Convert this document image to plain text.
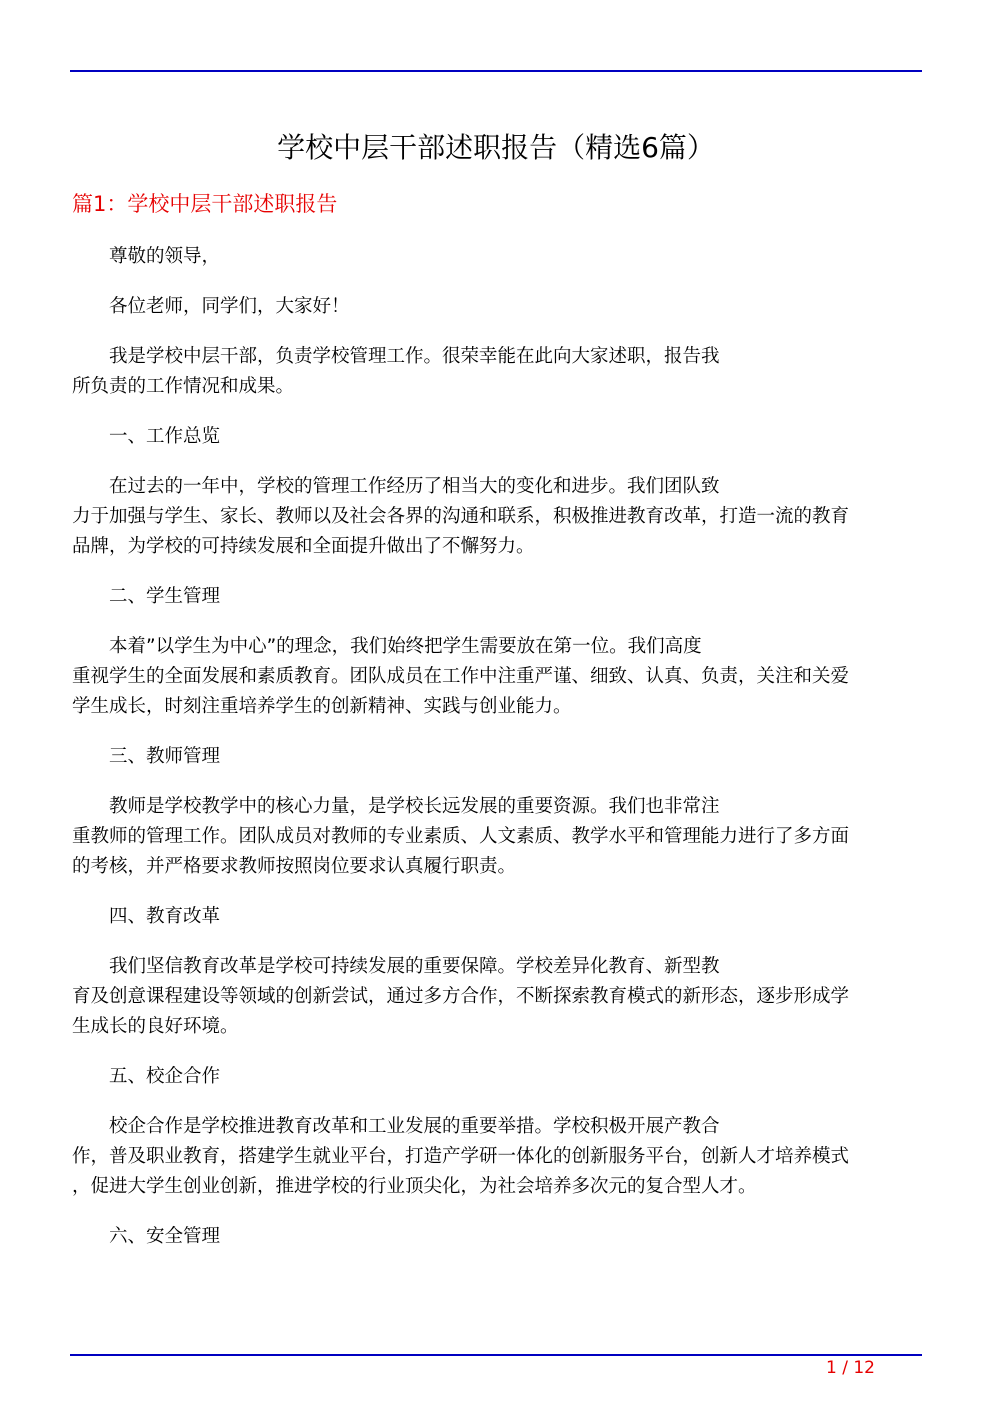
学校中层干部述职报告（精选6篇）
篇1：学校中层干部述职报告

尊敬的领导，

各位老师，同学们，大家好！

我是学校中层干部，负责学校管理工作。很荣幸能在此向大家述职，报告我
所负责的工作情况和成果。

一、工作总览

在过去的一年中，学校的管理工作经历了相当大的变化和进步。我们团队致
力于加强与学生、家长、教师以及社会各界的沟通和联系，积极推进教育改革，打造一流的教育
品牌，为学校的可持续发展和全面提升做出了不懈努力。

二、学生管理

本着”以学生为中心”的理念，我们始终把学生需要放在第一位。我们高度
重视学生的全面发展和素质教育。团队成员在工作中注重严谨、细致、认真、负责，关注和关爱
学生成长，时刻注重培养学生的创新精神、实践与创业能力。

三、教师管理

教师是学校教学中的核心力量，是学校长远发展的重要资源。我们也非常注
重教师的管理工作。团队成员对教师的专业素质、人文素质、教学水平和管理能力进行了多方面
的考核，并严格要求教师按照岗位要求认真履行职责。

四、教育改革

我们坚信教育改革是学校可持续发展的重要保障。学校差异化教育、新型教
育及创意课程建设等领域的创新尝试，通过多方合作，不断探索教育模式的新形态，逐步形成学
生成长的良好环境。

五、校企合作

校企合作是学校推进教育改革和工业发展的重要举措。学校积极开展产教合
作，普及职业教育，搭建学生就业平台，打造产学研一体化的创新服务平台，创新人才培养模式
，促进大学生创业创新，推进学校的行业顶尖化，为社会培养多次元的复合型人才。

六、安全管理

1 / 12
